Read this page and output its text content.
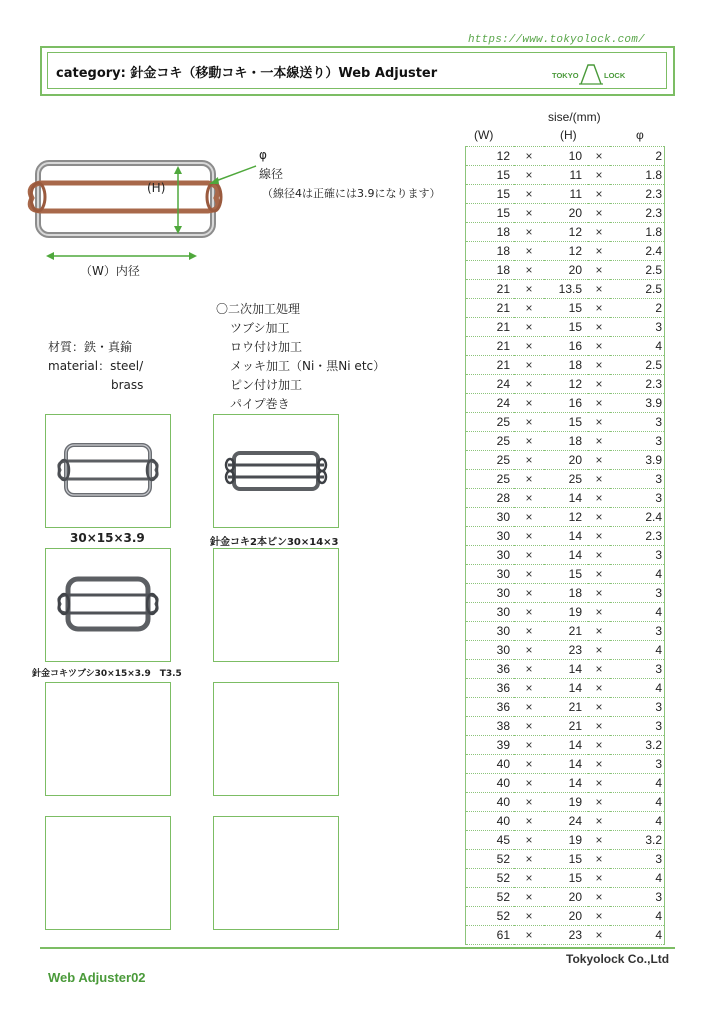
https://www.tokyolock.com/
category: 針金コキ（移動コキ・一本線送り）Web Adjuster	TOKYO	LOCK
sise/(mm)
(W)	(H)	φ
12	×	10	×	2
15	×	11	×	1.8
15	×	11	×	2.3
15	×	20	×	2.3
18	×	12	×	1.8
18	×	12	×	2.4
18	×	20	×	2.5
21	×	13.5	×	2.5
21	×	15	×	2
21	×	15	×	3
21	×	16	×	4
21	×	18	×	2.5
24	×	12	×	2.3
24	×	16	×	3.9
25	×	15	×	3
25	×	18	×	3
25	×	20	×	3.9
25	×	25	×	3
28	×	14	×	3
30	×	12	×	2.4
30	×	14	×	2.3
30	×	14	×	3
30	×	15	×	4
30	×	18	×	3
30	×	19	×	4
30	×	21	×	3
30	×	23	×	4
36	×	14	×	3
36	×	14	×	4
36	×	21	×	3
38	×	21	×	3
39	×	14	×	3.2
40	×	14	×	3
40	×	14	×	4
40	×	19	×	4
40	×	24	×	4
45	×	19	×	3.2
52	×	15	×	3
52	×	15	×	4
52	×	20	×	3
52	×	20	×	4
61	×	23	×	4
(H)
（W）内径
φ
線径
（線径4は正確には3.9になります）
材質：鉄・真鍮
material：steel/
brass
〇二次加工処理
ツブシ加工
ロウ付け加工
メッキ加工（Ni・黒Ni etc）
ピン付け加工
パイプ巻き
30×15×3.9	針金コキ2本ピン30×14×3
針金コキツブシ30×15×3.9　T3.5
Tokyolock Co.,Ltd
Web Adjuster02
